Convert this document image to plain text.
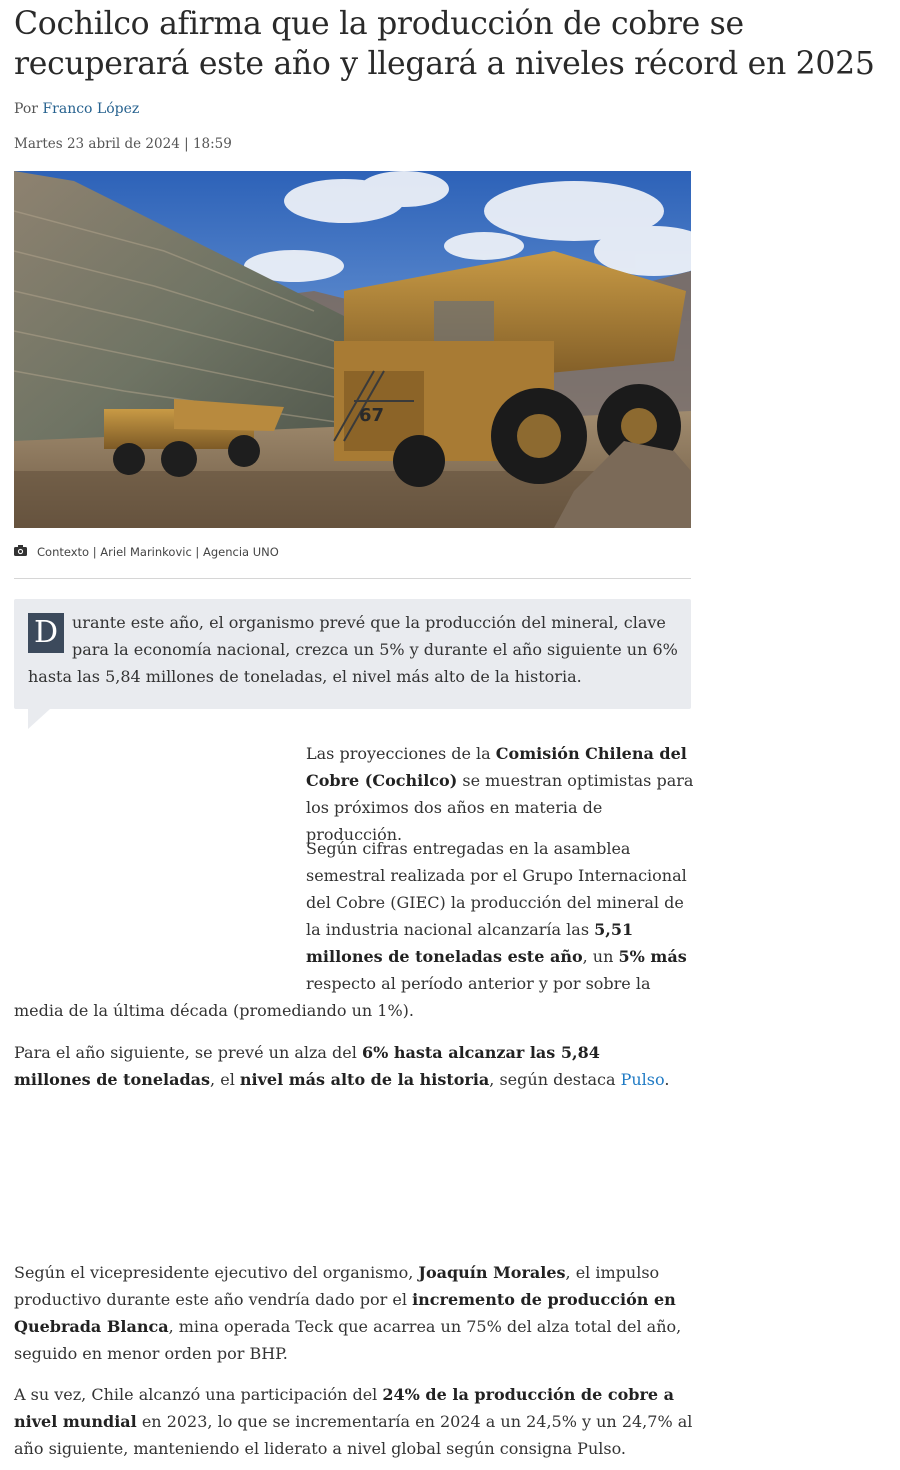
Cochilco afirma que la producción de cobre se recuperará este año y llegará a niveles récord en 2025
Por Franco López
Martes 23 abril de 2024 | 18:59
67
Contexto | Ariel Marinkovic | Agencia UNO
D urante este año, el organismo prevé que la producción del mineral, clave para la economía nacional, crezca un 5% y durante el año siguiente un 6% hasta las 5,84 millones de toneladas, el nivel más alto de la historia.

Las proyecciones de la Comisión Chilena del Cobre (Cochilco) se muestran optimistas para los próximos dos años en materia de producción.

Según cifras entregadas en la asamblea semestral realizada por el Grupo Internacional del Cobre (GIEC) la producción del mineral de la industria nacional alcanzaría las 5,51 millones de toneladas este año, un 5% más respecto al período anterior y por sobre la media de la última década (promediando un 1%).

Para el año siguiente, se prevé un alza del 6% hasta alcanzar las 5,84 millones de toneladas, el nivel más alto de la historia, según destaca Pulso.

Según el vicepresidente ejecutivo del organismo, Joaquín Morales, el impulso productivo durante este año vendría dado por el incremento de producción en Quebrada Blanca, mina operada Teck que acarrea un 75% del alza total del año, seguido en menor orden por BHP.

A su vez, Chile alcanzó una participación del 24% de la producción de cobre a nivel mundial en 2023, lo que se incrementaría en 2024 a un 24,5% y un 24,7% al año siguiente, manteniendo el liderato a nivel global según consigna Pulso.
